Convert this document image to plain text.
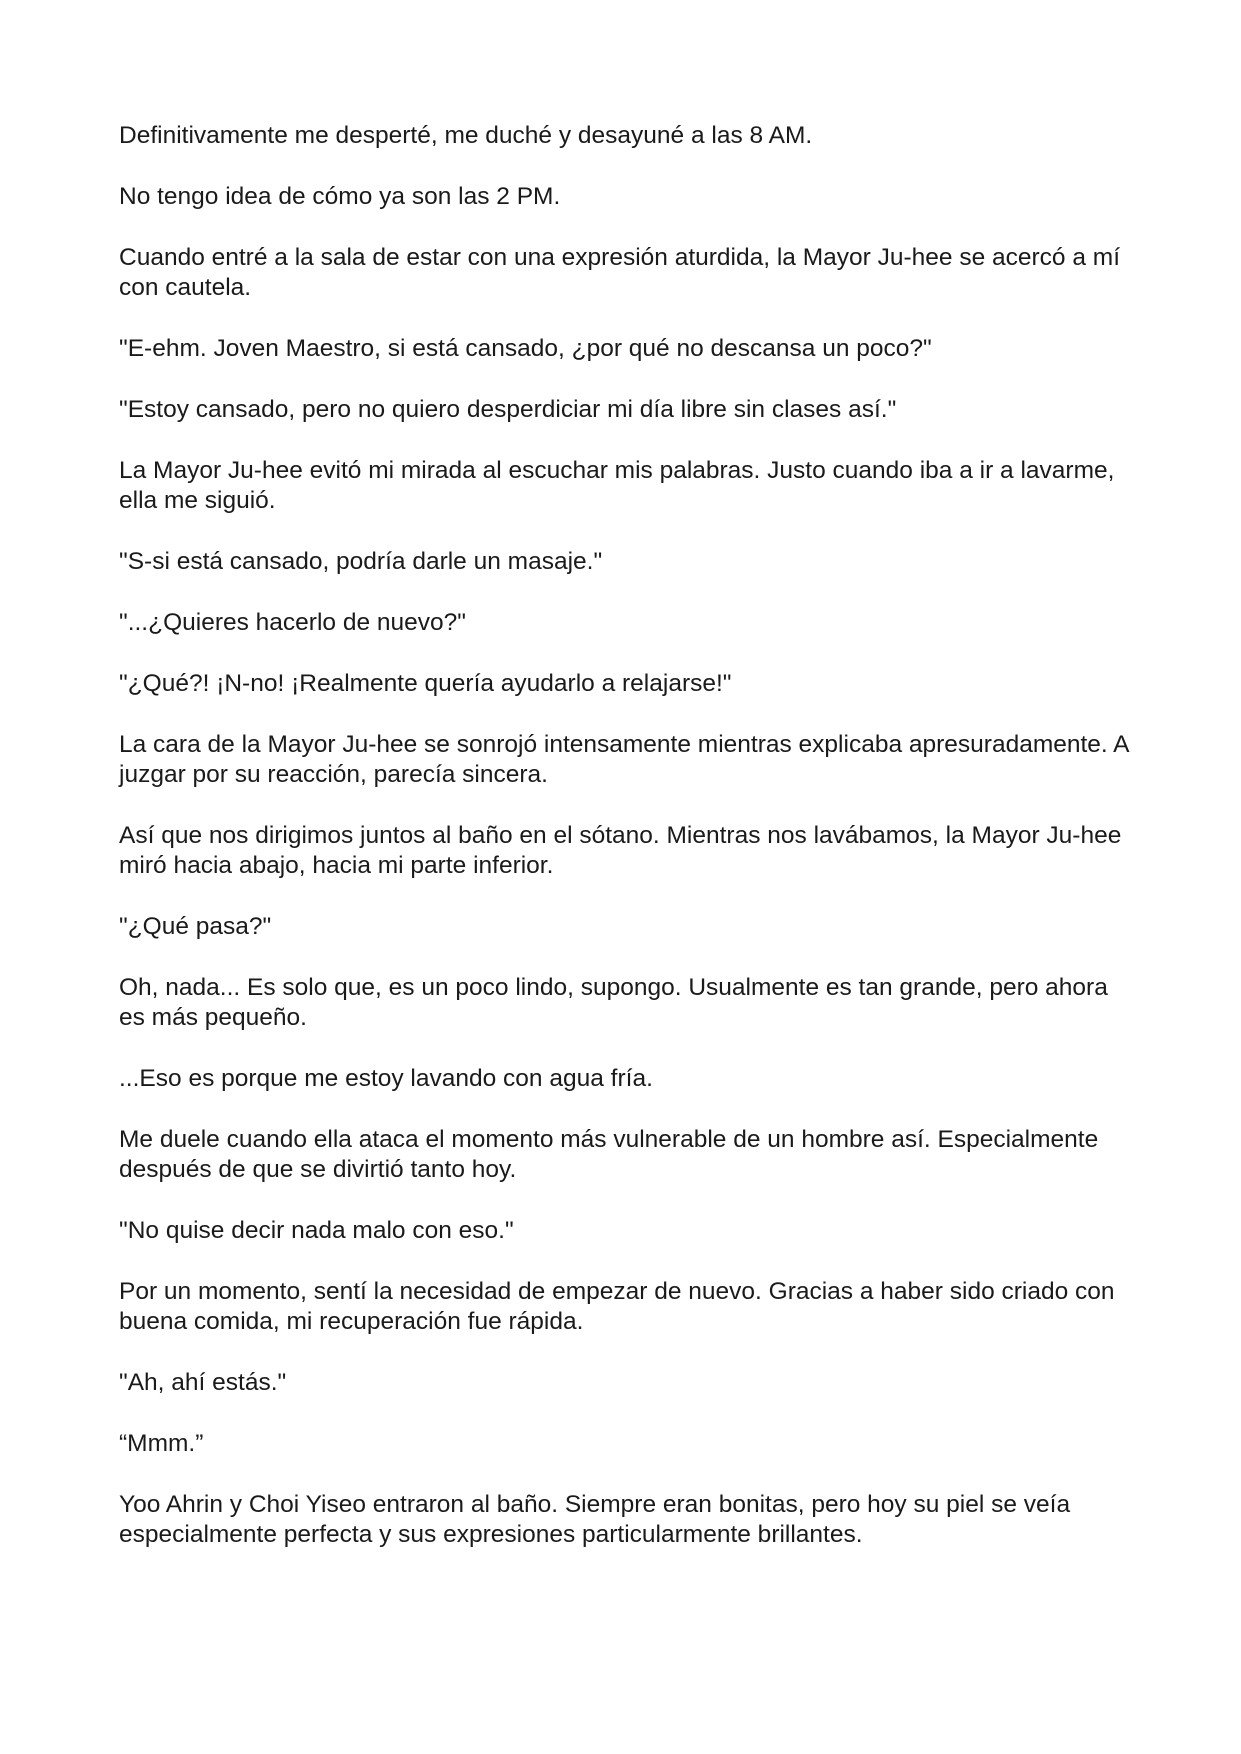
Definitivamente me desperté, me duché y desayuné a las 8 AM.

No tengo idea de cómo ya son las 2 PM.

Cuando entré a la sala de estar con una expresión aturdida, la Mayor Ju-hee se acercó a mí con cautela.

"E-ehm. Joven Maestro, si está cansado, ¿por qué no descansa un poco?"

"Estoy cansado, pero no quiero desperdiciar mi día libre sin clases así."

La Mayor Ju-hee evitó mi mirada al escuchar mis palabras. Justo cuando iba a ir a lavarme, ella me siguió.

"S-si está cansado, podría darle un masaje."

"...¿Quieres hacerlo de nuevo?"

"¿Qué?! ¡N-no! ¡Realmente quería ayudarlo a relajarse!"

La cara de la Mayor Ju-hee se sonrojó intensamente mientras explicaba apresuradamente. A juzgar por su reacción, parecía sincera.

Así que nos dirigimos juntos al baño en el sótano. Mientras nos lavábamos, la Mayor Ju-hee miró hacia abajo, hacia mi parte inferior.

"¿Qué pasa?"

Oh, nada... Es solo que, es un poco lindo, supongo. Usualmente es tan grande, pero ahora es más pequeño.

...Eso es porque me estoy lavando con agua fría.

Me duele cuando ella ataca el momento más vulnerable de un hombre así. Especialmente después de que se divirtió tanto hoy.

"No quise decir nada malo con eso."

Por un momento, sentí la necesidad de empezar de nuevo. Gracias a haber sido criado con buena comida, mi recuperación fue rápida.

"Ah, ahí estás."

“Mmm.”

Yoo Ahrin y Choi Yiseo entraron al baño. Siempre eran bonitas, pero hoy su piel se veía especialmente perfecta y sus expresiones particularmente brillantes.
